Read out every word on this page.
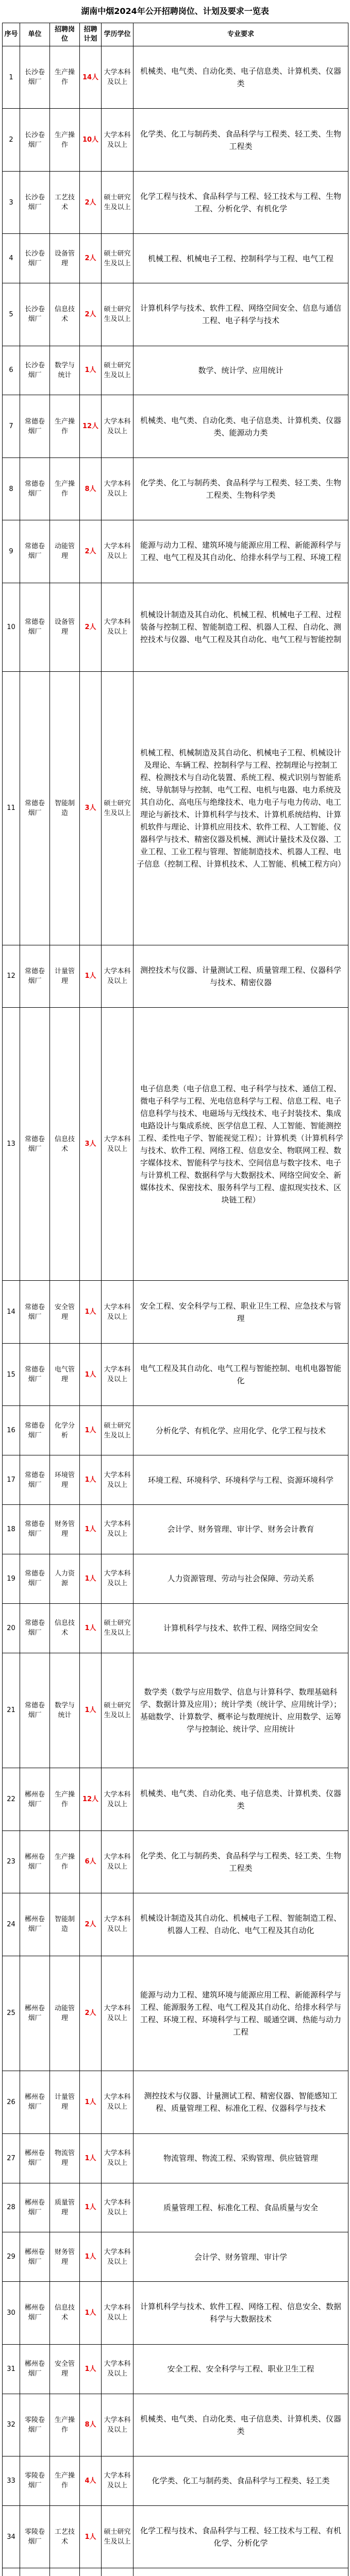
湖南中烟2024年公开招聘岗位、计划及要求一览表
序号	单位	招聘岗位	招聘计划	学历学位	专业要求
1	长沙卷烟厂	生产操作	14人	大学本科及以上	机械类、电气类、自动化类、电子信息类、计算机类、仪器类
2	长沙卷烟厂	生产操作	10人	大学本科及以上	化学类、化工与制药类、食品科学与工程类、轻工类、生物工程类
3	长沙卷烟厂	工艺技术	2人	硕士研究生及以上	化学工程与技术、食品科学与工程、轻工技术与工程、生物工程、分析化学、有机化学
4	长沙卷烟厂	设备管理	2人	硕士研究生及以上	机械工程、机械电子工程、控制科学与工程、电气工程
5	长沙卷烟厂	信息技术	2人	硕士研究生及以上	计算机科学与技术、软件工程、网络空间安全、信息与通信工程、电子科学与技术
6	长沙卷烟厂	数学与统计	1人	硕士研究生及以上	数学、统计学、应用统计
7	常德卷烟厂	生产操作	12人	大学本科及以上	机械类、电气类、自动化类、电子信息类、计算机类、仪器类、能源动力类
8	常德卷烟厂	生产操作	8人	大学本科及以上	化学类、化工与制药类、食品科学与工程类、轻工类、生物工程类、生物科学类
9	常德卷烟厂	动能管理	2人	大学本科及以上	能源与动力工程、建筑环境与能源应用工程、新能源科学与工程、电气工程及其自动化、给排水科学与工程、环境工程
10	常德卷烟厂	设备管理	2人	大学本科及以上	机械设计制造及其自动化、机械工程、机械电子工程、过程装备与控制工程、智能制造工程、机器人工程、自动化、测控技术与仪器、电气工程及其自动化、电气工程与智能控制
11	常德卷烟厂	智能制造	3人	硕士研究生及以上	机械工程、机械制造及其自动化、机械电子工程、机械设计及理论、车辆工程、控制科学与工程、控制理论与控制工程、检测技术与自动化装置、系统工程、模式识别与智能系统、导航制导与控制、电气工程、电机与电器、电力系统及其自动化、高电压与绝缘技术、电力电子与电力传动、电工理论与新技术、计算机科学与技术、计算机系统结构、计算机软件与理论、计算机应用技术、软件工程、人工智能、仪器科学与技术、精密仪器及机械、测试计量技术及仪器、工业工程、工业工程与管理、智能制造技术、机器人工程、电子信息（控制工程、计算机技术、人工智能、机械工程方向）
12	常德卷烟厂	计量管理	1人	大学本科及以上	测控技术与仪器、计量测试工程、质量管理工程、仪器科学与技术、精密仪器
13	常德卷烟厂	信息技术	3人	大学本科及以上	电子信息类（电子信息工程、电子科学与技术、通信工程、微电子科学与工程、光电信息科学与工程、信息工程、电子信息科学与技术、电磁场与无线技术、电子封装技术、集成电路设计与集成系统、医学信息工程、人工智能、智能测控工程、柔性电子学、智能视觉工程）；计算机类（计算机科学与技术、软件工程、网络工程、信息安全、物联网工程、数字媒体技术、智能科学与技术、空间信息与数字技术、电子与计算机工程、数据科学与大数据技术、网络空间安全、新媒体技术、保密技术、服务科学与工程、虚拟现实技术、区块链工程）
14	常德卷烟厂	安全管理	1人	大学本科及以上	安全工程、安全科学与工程、职业卫生工程、应急技术与管理
15	常德卷烟厂	电气管理	1人	大学本科及以上	电气工程及其自动化、电气工程与智能控制、电机电器智能化
16	常德卷烟厂	化学分析	1人	硕士研究生及以上	分析化学、有机化学、应用化学、化学工程与技术
17	常德卷烟厂	环境管理	1人	大学本科及以上	环境工程、环境科学、环境科学与工程、资源环境科学
18	常德卷烟厂	财务管理	1人	大学本科及以上	会计学、财务管理、审计学、财务会计教育
19	常德卷烟厂	人力资源	1人	大学本科及以上	人力资源管理、劳动与社会保障、劳动关系
20	常德卷烟厂	信息技术	1人	硕士研究生及以上	计算机科学与技术、软件工程、网络空间安全
21	常德卷烟厂	数学与统计	1人	硕士研究生及以上	数学类（数学与应用数学、信息与计算科学、数理基础科学、数据计算及应用）；统计学类（统计学、应用统计学）；基础数学、计算数学、概率论与数理统计、应用数学、运筹学与控制论、统计学、应用统计
22	郴州卷烟厂	生产操作	12人	大学本科及以上	机械类、电气类、自动化类、电子信息类、计算机类、仪器类
23	郴州卷烟厂	生产操作	6人	大学本科及以上	化学类、化工与制药类、食品科学与工程类、轻工类、生物工程类
24	郴州卷烟厂	智能制造	2人	大学本科及以上	机械设计制造及其自动化、机械电子工程、智能制造工程、机器人工程、自动化、电气工程及其自动化
25	郴州卷烟厂	动能管理	2人	大学本科及以上	能源与动力工程、建筑环境与能源应用工程、新能源科学与工程、能源服务工程、电气工程及其自动化、给排水科学与工程、环境工程、环境科学与工程、暖通空调、热能与动力工程
26	郴州卷烟厂	计量管理	1人	大学本科及以上	测控技术与仪器、计量测试工程、精密仪器、智能感知工程、质量管理工程、标准化工程、仪器科学与技术
27	郴州卷烟厂	物流管理	1人	大学本科及以上	物流管理、物流工程、采购管理、供应链管理
28	郴州卷烟厂	质量管理	1人	大学本科及以上	质量管理工程、标准化工程、食品质量与安全
29	郴州卷烟厂	财务管理	1人	大学本科及以上	会计学、财务管理、审计学
30	郴州卷烟厂	信息技术	1人	大学本科及以上	计算机科学与技术、软件工程、网络工程、信息安全、数据科学与大数据技术
31	郴州卷烟厂	安全管理	1人	大学本科及以上	安全工程、安全科学与工程、职业卫生工程
32	零陵卷烟厂	生产操作	8人	大学本科及以上	机械类、电气类、自动化类、电子信息类、计算机类、仪器类
33	零陵卷烟厂	生产操作	4人	大学本科及以上	化学类、化工与制药类、食品科学与工程类、轻工类
34	零陵卷烟厂	工艺技术	1人	硕士研究生及以上	化学工程与技术、食品科学与工程、轻工技术与工程、有机化学、分析化学
